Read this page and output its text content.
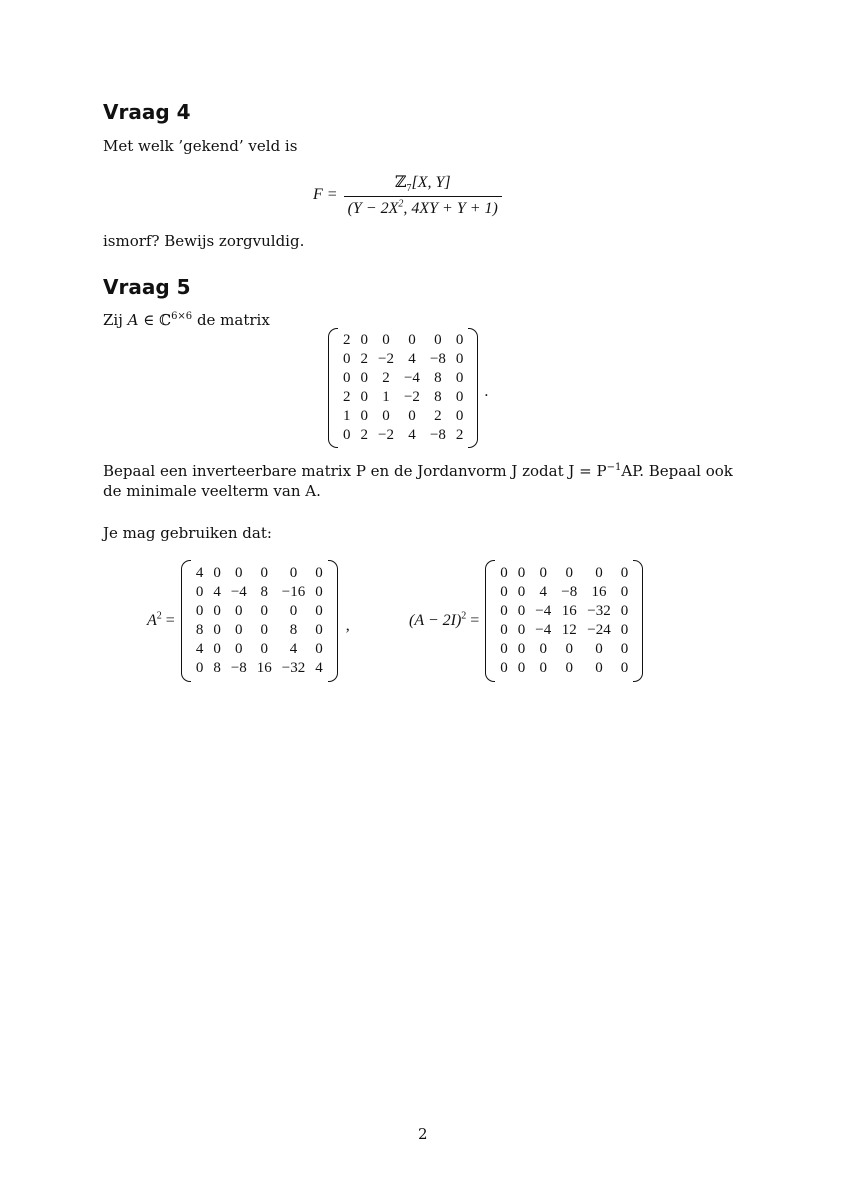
Vraag 4
Met welk ’gekend’ veld is
$F = \frac{ℤ_7[X, Y]}{(Y - 2X^2, 4XY + Y + 1)}$
ismorf? Bewijs zorgvuldig.
Vraag 5
Zij A ∈ ℂ$^{6\times 6}$ de matrix
2	0	0	0	0	0
0	2	−2	4	−8	0
0	0	2	−4	8	0
2	0	1	−2	8	0
1	0	0	0	2	0
0	2	−2	4	−8	2
.
Bepaal een inverteerbare matrix P en de Jordanvorm J zodat $J = P^{-1}AP$. Bepaal ook
de minimale veelterm van A.
Je mag gebruiken dat:
$A^2$ =
4	0	0	0	0	0
0	4	−4	8	−16	0
0	0	0	0	0	0
8	0	0	0	8	0
4	0	0	0	4	0
0	8	−8	16	−32	4
,	$(A - 2I)^2$ =
0	0	0	0	0	0
0	0	4	−8	16	0
0	0	−4	16	−32	0
0	0	−4	12	−24	0
0	0	0	0	0	0
0	0	0	0	0	0
2
